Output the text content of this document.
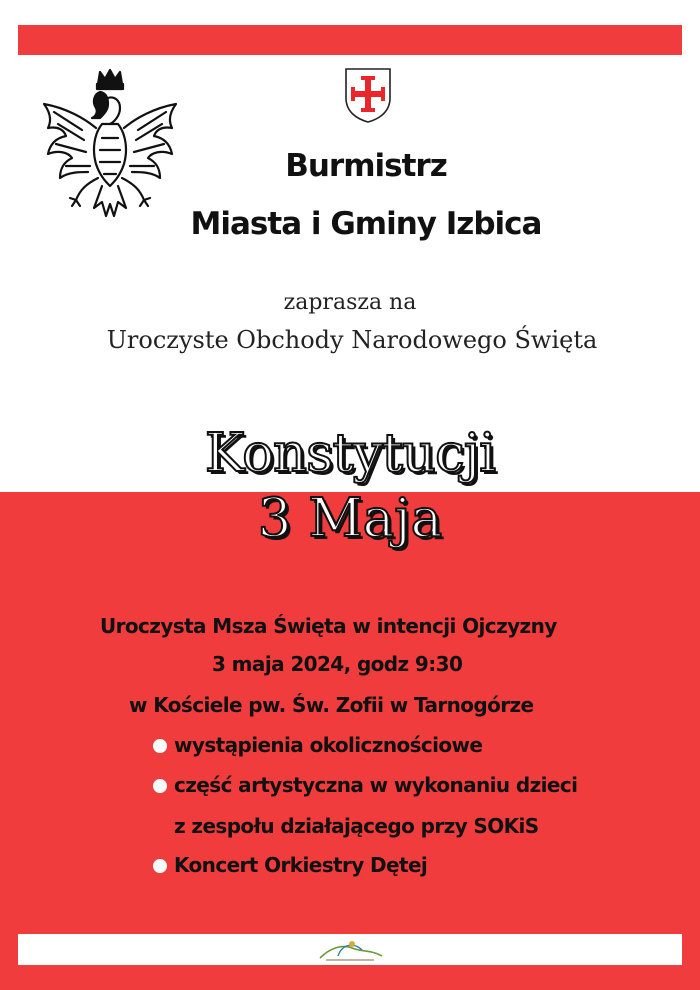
Burmistrz
Miasta i Gminy Izbica
zaprasza na
Uroczyste Obchody Narodowego Święta
Konstytucji
3 Maja
Uroczysta Msza Święta w intencji Ojczyzny
3 maja 2024, godz 9:30
w Kościele pw. Św. Zofii w Tarnogórze
wystąpienia okolicznościowe
część artystyczna w wykonaniu dzieci
z zespołu działającego przy SOKiS
Koncert Orkiestry Dętej
